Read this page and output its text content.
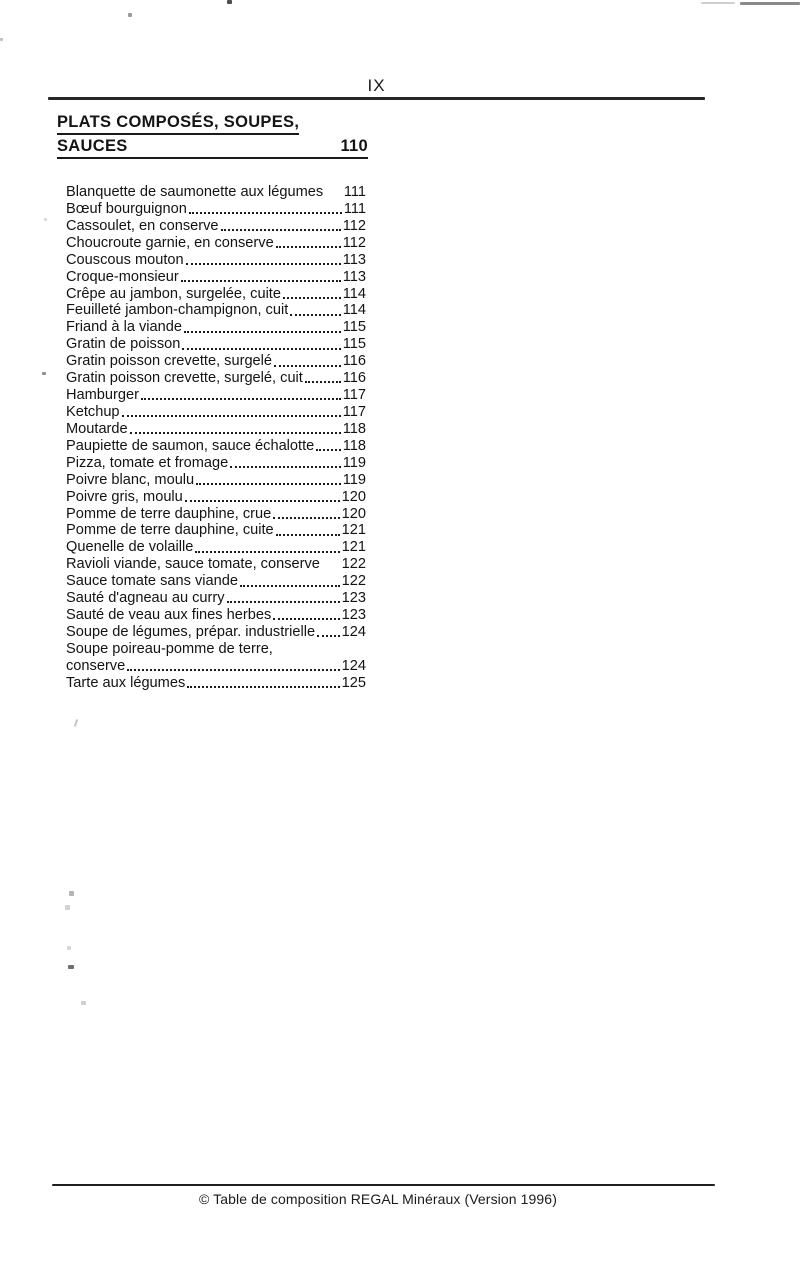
IX
PLATS COMPOSÉS, SOUPES,
SAUCES	110
Blanquette de saumonette aux légumes 111
Bœuf bourguignon	111
Cassoulet, en conserve	112
Choucroute garnie, en conserve	112
Couscous mouton	113
Croque-monsieur	113
Crêpe au jambon, surgelée, cuite	114
Feuilleté jambon-champignon, cuit	114
Friand à la viande	115
Gratin de poisson	115
Gratin poisson crevette, surgelé	116
Gratin poisson crevette, surgelé, cuit	116
Hamburger	117
Ketchup	117
Moutarde	118
Paupiette de saumon, sauce échalotte 118
Pizza, tomate et fromage	119
Poivre blanc, moulu	119
Poivre gris, moulu	120
Pomme de terre dauphine, crue	120
Pomme de terre dauphine, cuite	121
Quenelle de volaille	121
Ravioli viande, sauce tomate, conserve 122
Sauce tomate sans viande	122
Sauté d'agneau au curry	123
Sauté de veau aux fines herbes	123
Soupe de légumes, prépar. industrielle 124
Soupe poireau-pomme de terre,
conserve	124
Tarte aux légumes	125
© Table de composition REGAL Minéraux (Version 1996)
